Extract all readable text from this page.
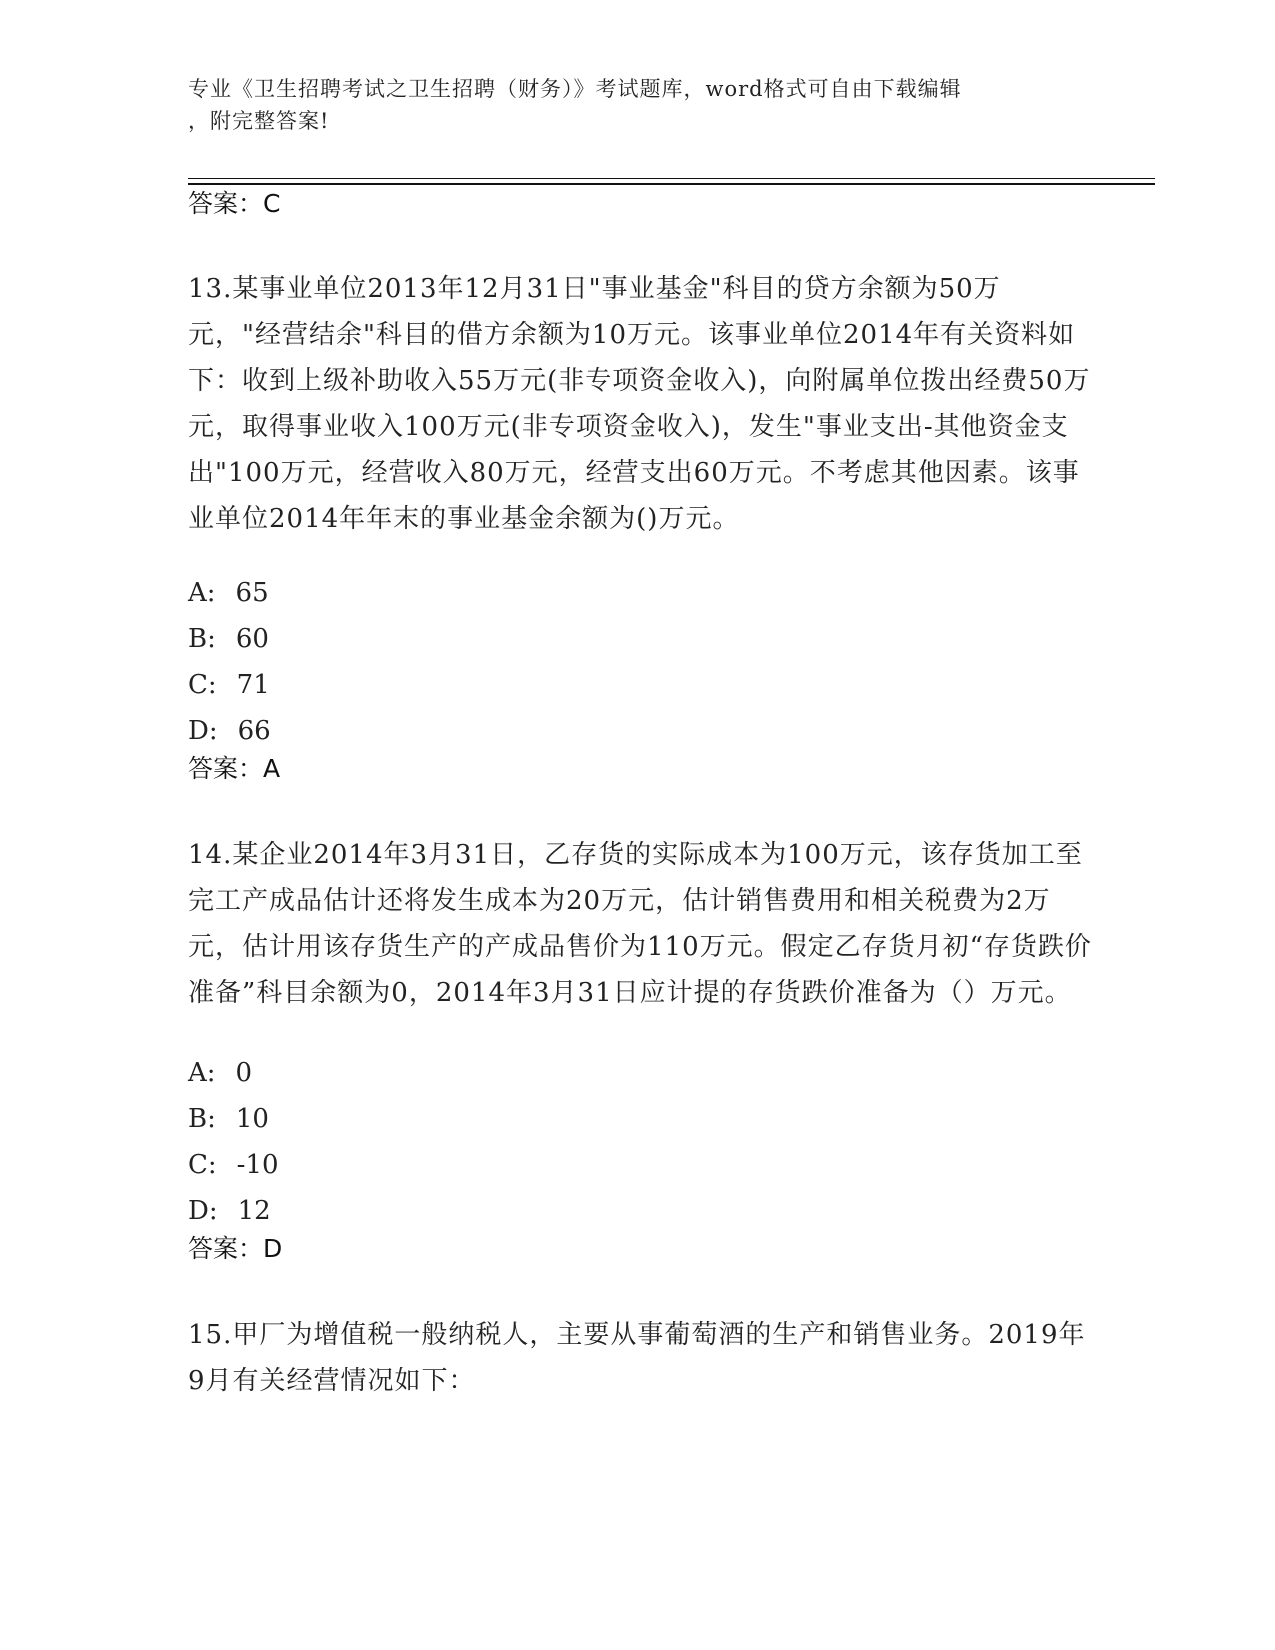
专业《卫生招聘考试之卫生招聘（财务）》考试题库，word格式可自由下载编辑
，附完整答案!
答案：C
13.某事业单位2013年12月31日"事业基金"科目的贷方余额为50万元，"经营结余"科目的借方余额为10万元。该事业单位2014年有关资料如下：收到上级补助收入55万元(非专项资金收入)，向附属单位拨出经费50万元，取得事业收入100万元(非专项资金收入)，发生"事业支出-其他资金支出"100万元，经营收入80万元，经营支出60万元。不考虑其他因素。该事业单位2014年年末的事业基金余额为()万元。
A: 65
B: 60
C: 71
D: 66
答案：A
14.某企业2014年3月31日，乙存货的实际成本为100万元，该存货加工至完工产成品估计还将发生成本为20万元，估计销售费用和相关税费为2万元，估计用该存货生产的产成品售价为110万元。假定乙存货月初“存货跌价准备”科目余额为0，2014年3月31日应计提的存货跌价准备为（）万元。
A: 0
B: 10
C: -10
D: 12
答案：D
15.甲厂为增值税一般纳税人，主要从事葡萄酒的生产和销售业务。2019年9月有关经营情况如下：
